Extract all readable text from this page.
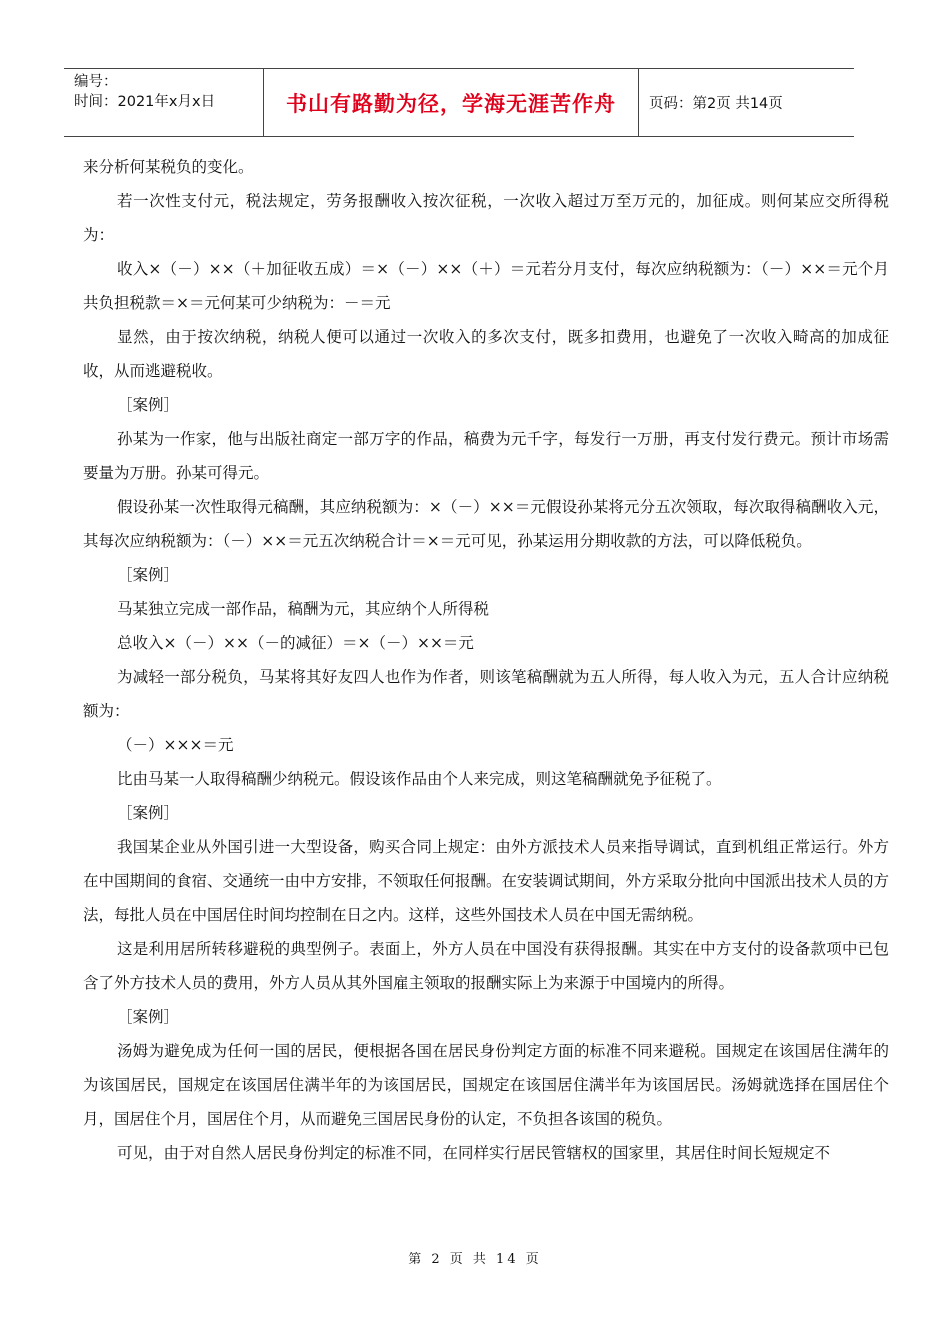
编号：
时间：2021年x月x日	书山有路勤为径，学海无涯苦作舟	页码：第2页 共14页

来分析何某税负的变化。

若一次性支付元，税法规定，劳务报酬收入按次征税，一次收入超过万至万元的，加征成。则何某应交所得税为：

收入×（－）××（＋加征收五成）＝×（－）××（＋）＝元若分月支付，每次应纳税额为：（－）××＝元个月共负担税款＝×＝元何某可少纳税为：－＝元

显然，由于按次纳税，纳税人便可以通过一次收入的多次支付，既多扣费用，也避免了一次收入畸高的加成征收，从而逃避税收。

［案例］

孙某为一作家，他与出版社商定一部万字的作品，稿费为元千字，每发行一万册，再支付发行费元。预计市场需要量为万册。孙某可得元。

假设孙某一次性取得元稿酬，其应纳税额为：×（－）××＝元假设孙某将元分五次领取，每次取得稿酬收入元，其每次应纳税额为：（－）××＝元五次纳税合计＝×＝元可见，孙某运用分期收款的方法，可以降低税负。

［案例］

马某独立完成一部作品，稿酬为元，其应纳个人所得税

总收入×（－）××（－的减征）＝×（－）××＝元

为减轻一部分税负，马某将其好友四人也作为作者，则该笔稿酬就为五人所得，每人收入为元，五人合计应纳税额为：

（－）×××＝元

比由马某一人取得稿酬少纳税元。假设该作品由个人来完成，则这笔稿酬就免予征税了。

［案例］

我国某企业从外国引进一大型设备，购买合同上规定：由外方派技术人员来指导调试，直到机组正常运行。外方在中国期间的食宿、交通统一由中方安排，不领取任何报酬。在安装调试期间，外方采取分批向中国派出技术人员的方法，每批人员在中国居住时间均控制在日之内。这样，这些外国技术人员在中国无需纳税。

这是利用居所转移避税的典型例子。表面上，外方人员在中国没有获得报酬。其实在中方支付的设备款项中已包含了外方技术人员的费用，外方人员从其外国雇主领取的报酬实际上为来源于中国境内的所得。

［案例］

汤姆为避免成为任何一国的居民，便根据各国在居民身份判定方面的标准不同来避税。国规定在该国居住满年的为该国居民，国规定在该国居住满半年的为该国居民，国规定在该国居住满半年为该国居民。汤姆就选择在国居住个月，国居住个月，国居住个月，从而避免三国居民身份的认定，不负担各该国的税负。

可见，由于对自然人居民身份判定的标准不同，在同样实行居民管辖权的国家里，其居住时间长短规定不

第 2 页 共 14 页
